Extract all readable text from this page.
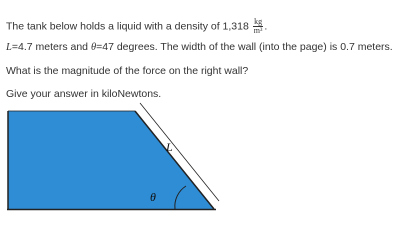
The tank below holds a liquid with a density of $1,318 \frac{kg}{\text{m³}}$ .
L=4.7 meters and θ=47 degrees. The width of the wall (into the page) is 0.7 meters.
What is the magnitude of the force on the right wall?
Give your answer in kiloNewtons.
L
θ
